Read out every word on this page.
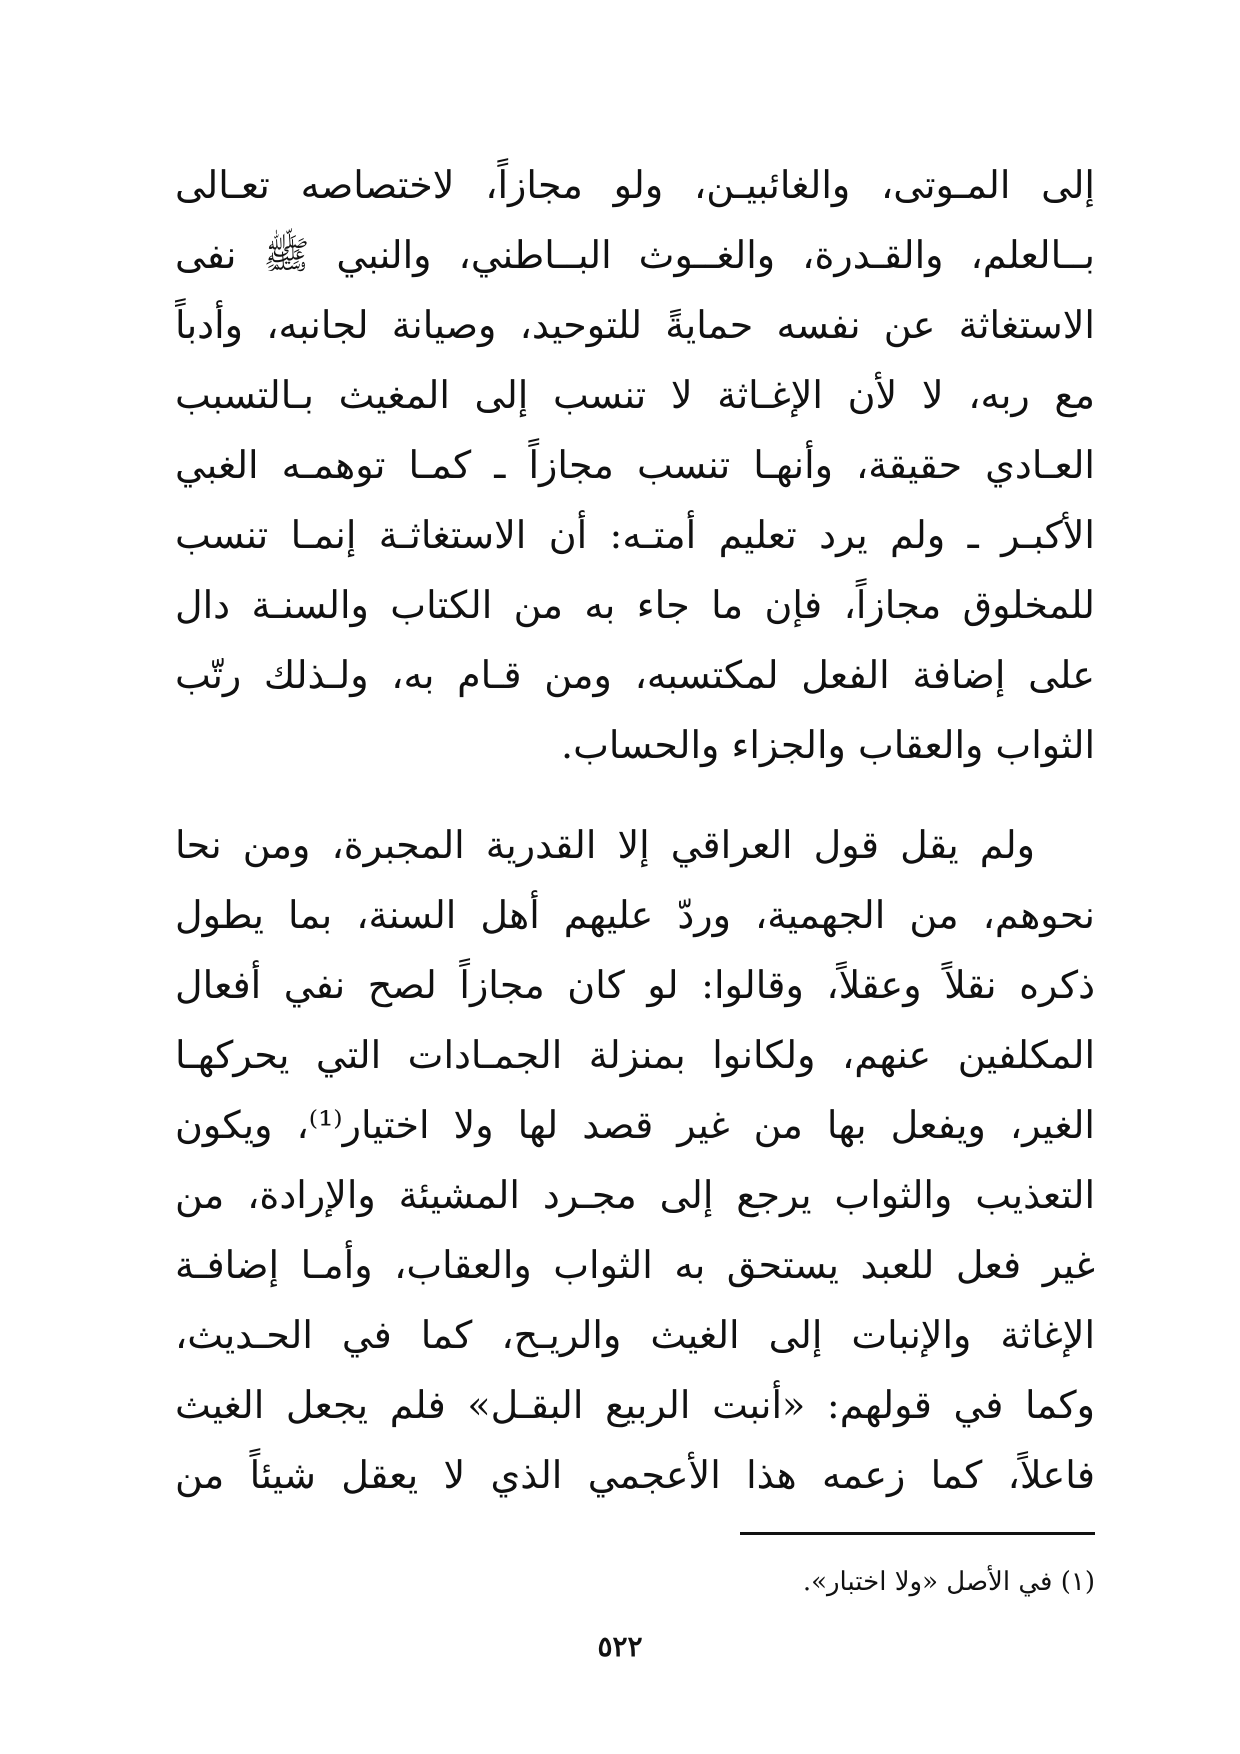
إلى المـوتى، والغائبيـن، ولو مجازاً، لاختصاصه تعـالى
بــالعلم، والقـدرة، والغــوث البــاطني، والنبي ﷺ نفى
الاستغاثة عن نفسه حمايةً للتوحيد، وصيانة لجانبه، وأدباً
مع ربه، لا لأن الإغـاثة لا تنسب إلى المغيث بـالتسبب
العـادي حقيقة، وأنهـا تنسب مجازاً ـ كمـا توهمـه الغبي
الأكبـر ـ ولم يرد تعليم أمتـه: أن الاستغاثـة إنمـا تنسب
للمخلوق مجازاً، فإن ما جاء به من الكتاب والسنـة دال
على إضافة الفعل لمكتسبه، ومن قـام به، ولـذلك رتّب
الثواب والعقاب والجزاء والحساب.
ولم يقل قول العراقي إلا القدرية المجبرة، ومن نحا
نحوهم، من الجهمية، وردّ عليهم أهل السنة، بما يطول
ذكره نقلاً وعقلاً، وقالوا: لو كان مجازاً لصح نفي أفعال
المكلفين عنهم، ولكانوا بمنزلة الجمـادات التي يحركهـا
الغير، ويفعل بها من غير قصد لها ولا اختيار⁽¹⁾، ويكون
التعذيب والثواب يرجع إلى مجـرد المشيئة والإرادة، من
غير فعل للعبد يستحق به الثواب والعقاب، وأمـا إضافـة
الإغاثة والإنبات إلى الغيث والريـح، كما في الحـديث،
وكما في قولهم: «أنبت الربيع البقـل» فلم يجعل الغيث
فاعلاً، كما زعمه هذا الأعجمي الذي لا يعقل شيئاً من
(١) في الأصل «ولا اختبار».
٥٢٢
